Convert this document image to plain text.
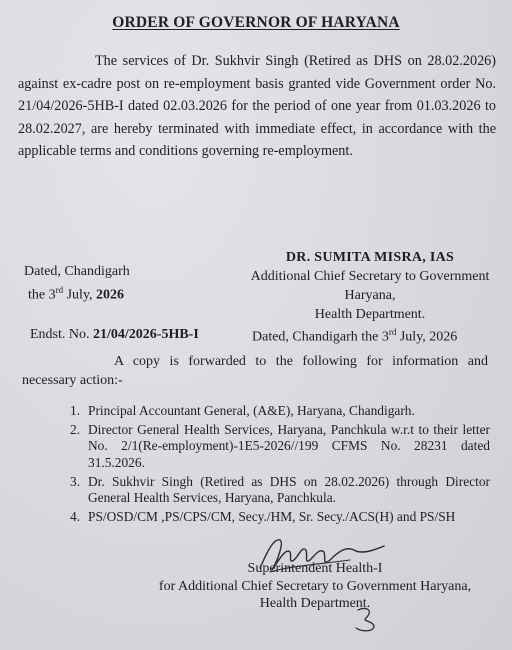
ORDER OF GOVERNOR OF HARYANA
The services of Dr. Sukhvir Singh (Retired as DHS on 28.02.2026) against ex-cadre post on re-employment basis granted vide Government order No. 21/04/2026-5HB-I dated 02.03.2026 for the period of one year from 01.03.2026 to 28.02.2027, are hereby terminated with immediate effect, in accordance with the applicable terms and conditions governing re-employment.
DR. SUMITA MISRA, IAS
Additional Chief Secretary to Government Haryana,
Health Department.
Dated, Chandigarh
the 3rd July, 2026
Endst. No. 21/04/2026-5HB-I	Dated, Chandigarh the 3rd July, 2026
A copy is forwarded to the following for information and necessary action:-
1. Principal Accountant General, (A&E), Haryana, Chandigarh.
2. Director General Health Services, Haryana, Panchkula w.r.t to their letter No. 2/1(Re-employment)-1E5-2026//199 CFMS No. 28231 dated 31.5.2026.
3. Dr. Sukhvir Singh (Retired as DHS on 28.02.2026) through Director General Health Services, Haryana, Panchkula.
4. PS/OSD/CM ,PS/CPS/CM, Secy./HM, Sr. Secy./ACS(H) and PS/SH
Superintendent Health-I
for Additional Chief Secretary to Government Haryana,
Health Department.
